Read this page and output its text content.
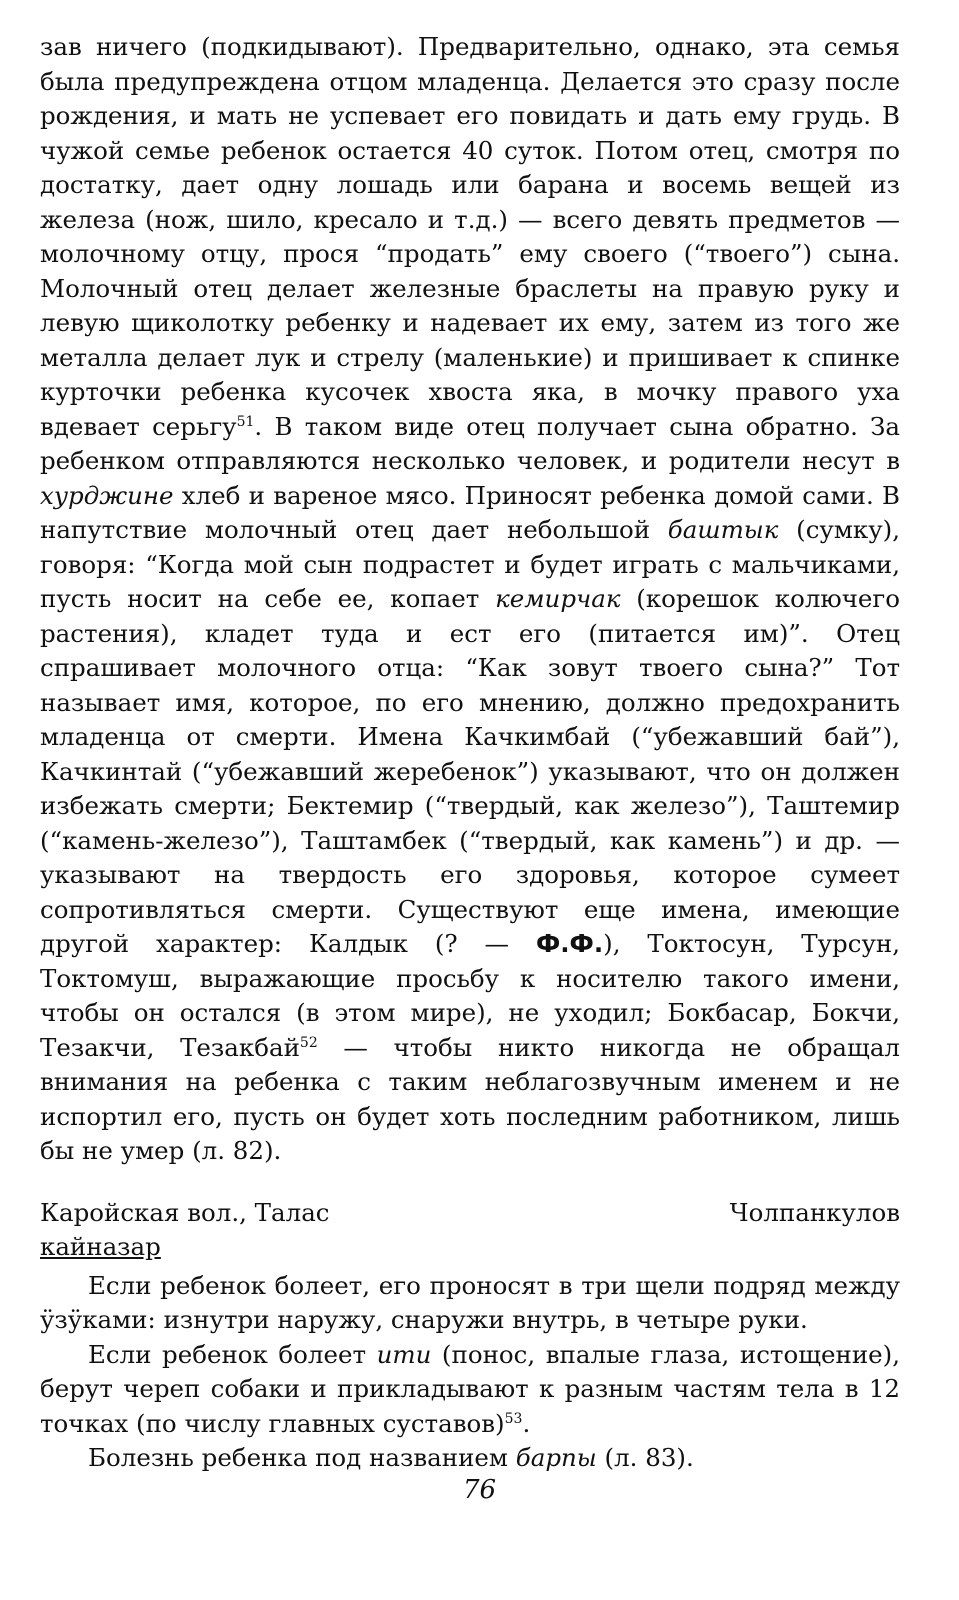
зав ничего (подкидывают). Предварительно, однако, эта семья была предупреждена отцом младенца. Делается это сразу после рождения, и мать не успевает его повидать и дать ему грудь. В чужой семье ребенок остается 40 суток. Потом отец, смотря по достатку, дает одну лошадь или барана и восемь вещей из железа (нож, шило, кресало и т.д.) — всего девять предметов — молочному отцу, прося “продать” ему своего (“твоего”) сына. Молочный отец делает железные браслеты на правую руку и левую щиколотку ребенку и надевает их ему, затем из того же металла делает лук и стрелу (маленькие) и пришивает к спинке курточки ребенка кусочек хвоста яка, в мочку правого уха вдевает серьгу$^{51}$. В таком виде отец получает сына обратно. За ребенком отправляются несколько человек, и родители несут в хурджине хлеб и вареное мясо. Приносят ребенка домой сами. В напутствие молочный отец дает небольшой баштык (сумку), говоря: “Когда мой сын подрастет и будет играть с мальчиками, пусть носит на себе ее, копает кемирчак (корешок колючего растения), кладет туда и ест его (питается им)”. Отец спрашивает молочного отца: “Как зовут твоего сына?” Тот называет имя, которое, по его мнению, должно предохранить младенца от смерти. Имена Качкимбай (“убежавший бай”), Качкинтай (“убежавший жеребенок”) указывают, что он должен избежать смерти; Бектемир (“твердый, как железо”), Таштемир (“камень-железо”), Таштамбек (“твердый, как камень”) и др. — указывают на твердость его здоровья, которое сумеет сопротивляться смерти. Существуют еще имена, имеющие другой характер: Калдык (? — Ф.Ф.), Токтосун, Турсун, Токтомуш, выражающие просьбу к носителю такого имени, чтобы он остался (в этом мире), не уходил; Бокбасар, Бокчи, Тезакчи, Тезакбай$^{52}$ — чтобы никто никогда не обращал внимания на ребенка с таким неблагозвучным именем и не испортил его, пусть он будет хоть последним работником, лишь бы не умер (л. 82).

Каройская вол., Талас	Чолпанкулов
кайназар

Если ребенок болеет, его проносят в три щели подряд между ӱзӱками: изнутри наружу, снаружи внутрь, в четыре руки.

Если ребенок болеет ити (понос, впалые глаза, истощение), берут череп собаки и прикладывают к разным частям тела в 12 точках (по числу главных суставов)$^{53}$.

Болезнь ребенка под названием барпы (л. 83).

76
